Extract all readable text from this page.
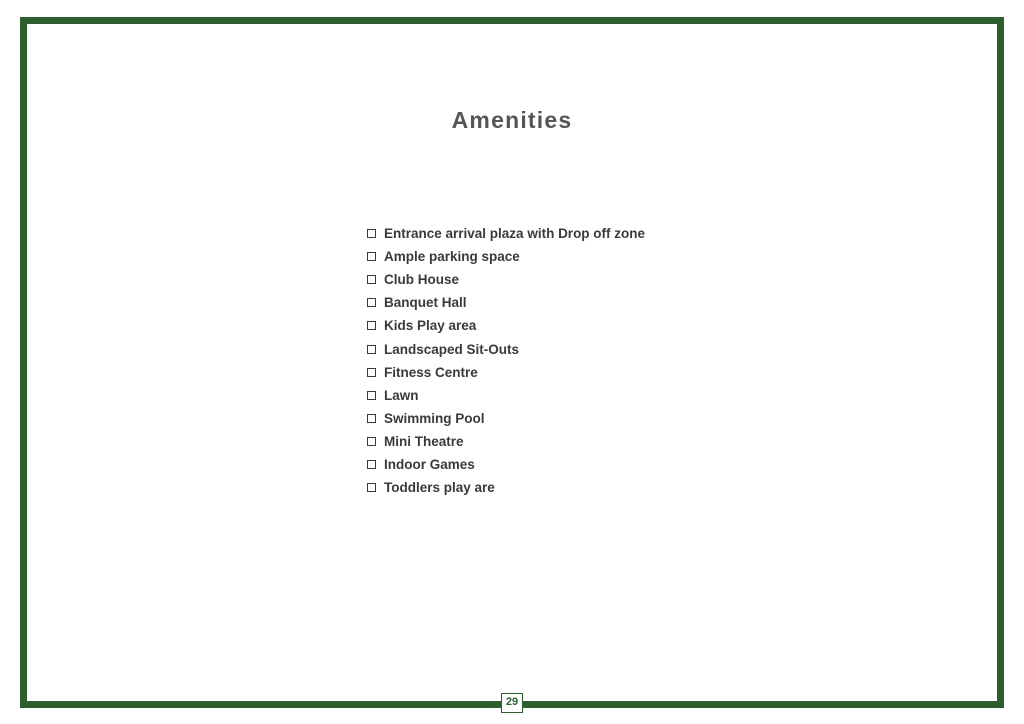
Amenities
Entrance arrival plaza with Drop off zone
Ample parking space
Club House
Banquet Hall
Kids Play area
Landscaped Sit-Outs
Fitness Centre
Lawn
Swimming Pool
Mini Theatre
Indoor Games
Toddlers play are
29
